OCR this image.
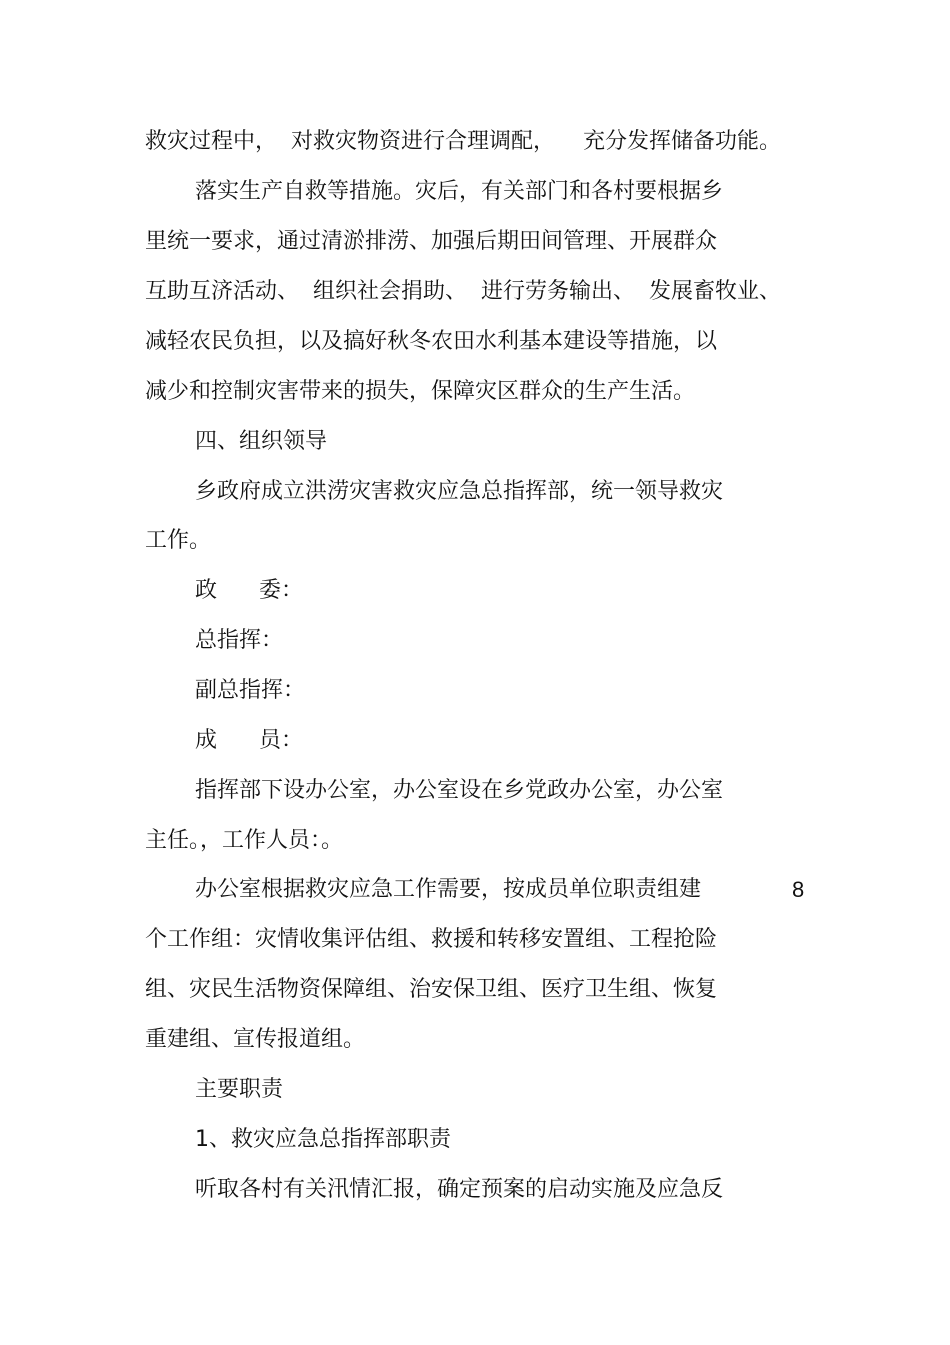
救灾过程中，  对救灾物资进行合理调配，    充分发挥储备功能。
落实生产自救等措施。灾后，有关部门和各村要根据乡
里统一要求，通过清淤排涝、加强后期田间管理、开展群众
互助互济活动、  组织社会捐助、  进行劳务输出、  发展畜牧业、
减轻农民负担，以及搞好秋冬农田水利基本建设等措施，以
减少和控制灾害带来的损失，保障灾区群众的生产生活。
四、组织领导
乡政府成立洪涝灾害救灾应急总指挥部，统一领导救灾
工作。
政      委：
总指挥：
副总指挥：
成      员：
指挥部下设办公室，办公室设在乡党政办公室，办公室
主任。，工作人员：。
办公室根据救灾应急工作需要，按成员单位职责组建	8
个工作组：灾情收集评估组、救援和转移安置组、工程抢险
组、灾民生活物资保障组、治安保卫组、医疗卫生组、恢复
重建组、宣传报道组。
主要职责
1、救灾应急总指挥部职责
听取各村有关汛情汇报，确定预案的启动实施及应急反
